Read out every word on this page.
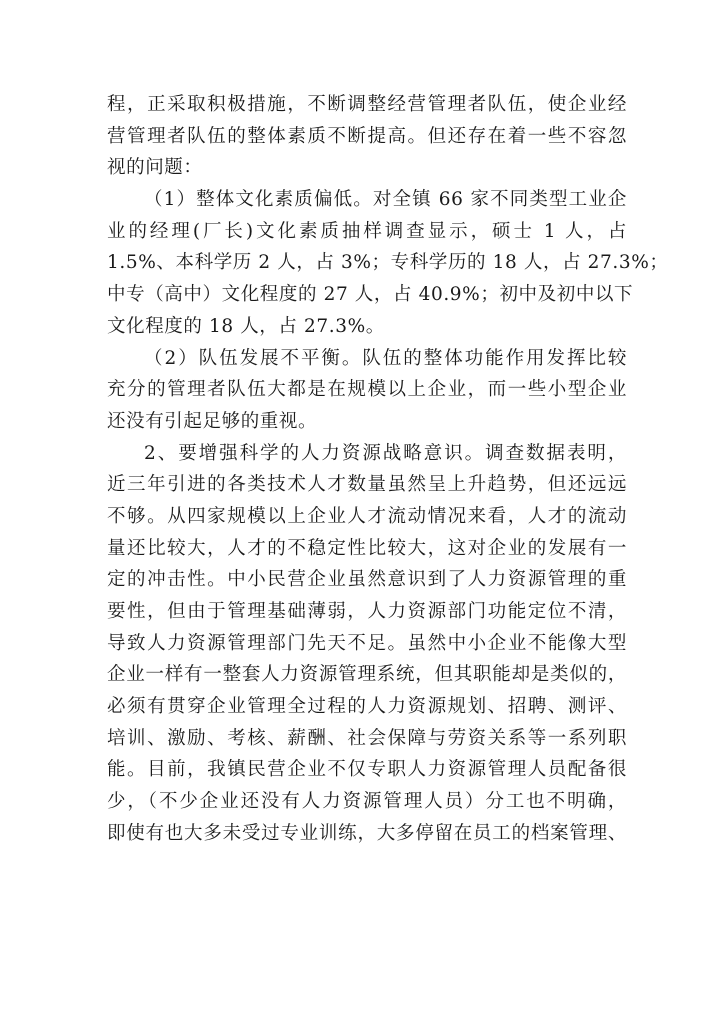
程，正采取积极措施，不断调整经营管理者队伍，使企业经
营管理者队伍的整体素质不断提高。但还存在着一些不容忽
视的问题：
（1）整体文化素质偏低。对全镇 66 家不同类型工业企
业的经理(厂长)文化素质抽样调查显示，硕士 1 人，占
1.5%、本科学历 2 人，占 3%；专科学历的 18 人，占 27.3%；
中专（高中）文化程度的 27 人，占 40.9%；初中及初中以下
文化程度的 18 人，占 27.3%。
（2）队伍发展不平衡。队伍的整体功能作用发挥比较
充分的管理者队伍大都是在规模以上企业，而一些小型企业
还没有引起足够的重视。
2、要增强科学的人力资源战略意识。调查数据表明，
近三年引进的各类技术人才数量虽然呈上升趋势，但还远远
不够。从四家规模以上企业人才流动情况来看，人才的流动
量还比较大，人才的不稳定性比较大，这对企业的发展有一
定的冲击性。中小民营企业虽然意识到了人力资源管理的重
要性，但由于管理基础薄弱，人力资源部门功能定位不清，
导致人力资源管理部门先天不足。虽然中小企业不能像大型
企业一样有一整套人力资源管理系统，但其职能却是类似的，
必须有贯穿企业管理全过程的人力资源规划、招聘、测评、
培训、激励、考核、薪酬、社会保障与劳资关系等一系列职
能。目前，我镇民营企业不仅专职人力资源管理人员配备很
少，（不少企业还没有人力资源管理人员）分工也不明确，
即使有也大多未受过专业训练，大多停留在员工的档案管理、
